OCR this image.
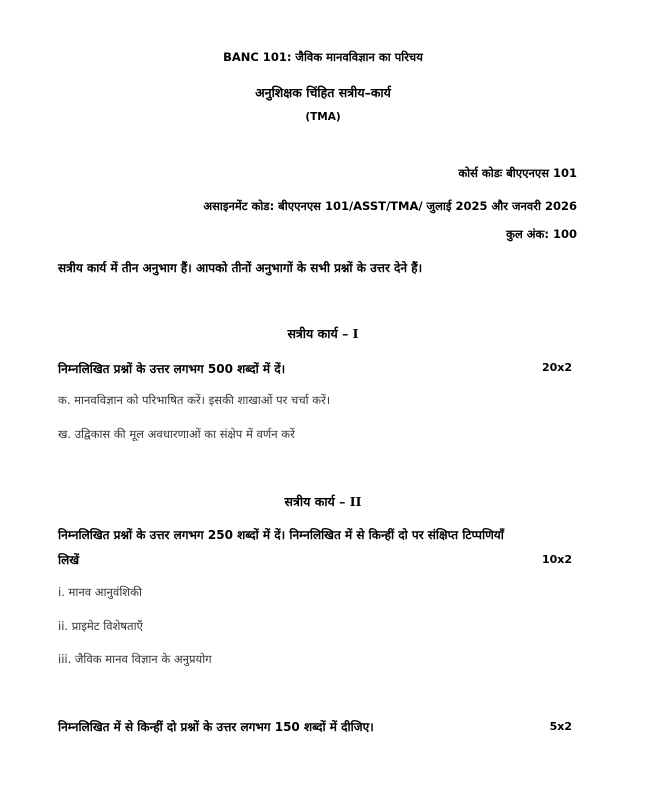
BANC 101: जैविक मानवविज्ञान का परिचय
अनुशिक्षक चिंहित सत्रीय–कार्य
(TMA)
कोर्स कोडः बीएएनएस 101
असाइनमेंट कोड: बीएएनएस 101/ASST/TMA/ जुलाई 2025 और जनवरी 2026
कुल अंक: 100
सत्रीय कार्य में तीन अनुभाग हैं। आपको तीनों अनुभागों के सभी प्रश्नों के उत्तर देने हैं।
सत्रीय कार्य – I
निम्नलिखित प्रश्नों के उत्तर लगभग 500 शब्दों में दें।	20x2
क. मानवविज्ञान को परिभाषित करें। इसकी शाखाओं पर चर्चा करें।
ख. उद्विकास की मूल अवधारणाओं का संक्षेप में वर्णन करें
सत्रीय कार्य – II
निम्नलिखित प्रश्नों के उत्तर लगभग 250 शब्दों में दें। निम्नलिखित में से किन्हीं दो पर संक्षिप्त टिप्पणियाँ
लिखें	10x2
i. मानव आनुवंशिकी
ii. प्राइमेट विशेषताएँ
iii. जैविक मानव विज्ञान के अनुप्रयोग
निम्नलिखित में से किन्हीं दो प्रश्नों के उत्तर लगभग 150 शब्दों में दीजिए।	5x2
